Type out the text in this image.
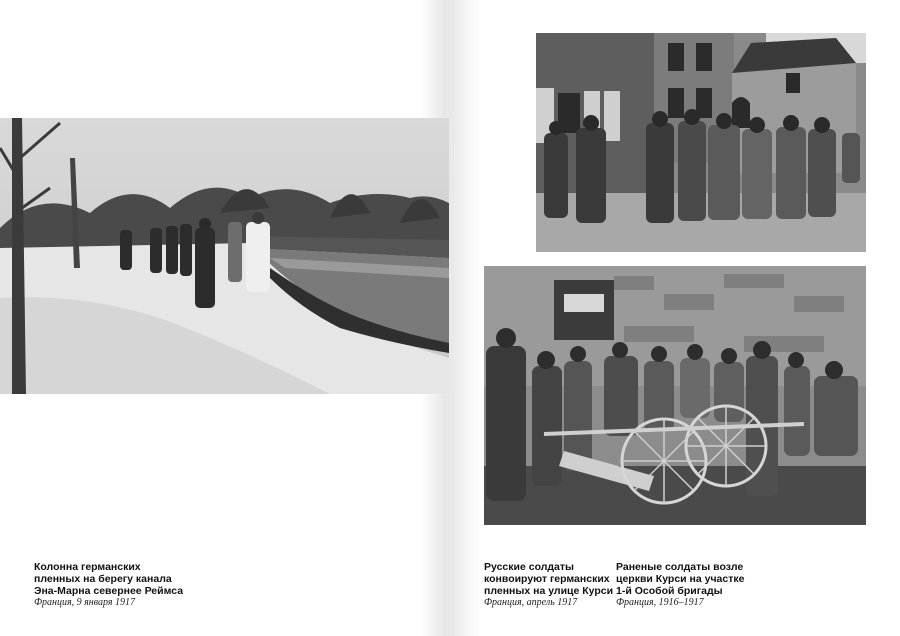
Колонна германских
пленных на берегу канала
Эна-Марна севернее Реймса
Франция, 9 января 1917
Русские солдаты
конвоируют германских
пленных на улице Курси
Франция, апрель 1917
Раненые солдаты возле
церкви Курси на участке
1-й Особой бригады
Франция, 1916–1917
